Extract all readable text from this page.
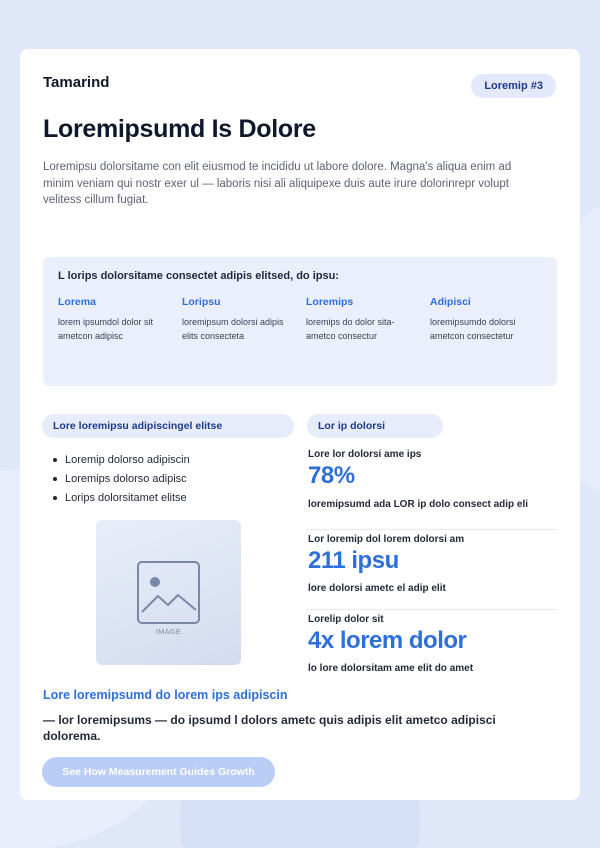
Tamarind	Loremip #3
Loremipsumd Is Dolore

Loremipsu dolorsitame con elit eiusmod te incididu ut labore dolore. Magna's aliqua enim ad minim veniam qui nostr exer ul — laboris nisi ali aliquipexe duis aute irure dolorinrepr volupt velitess cillum fugiat.

L lorips dolorsitame consectet adipis elitsed, do ipsu:
Lorema
lorem ipsumdol dolor sit ametcon adipisc
Loripsu
loremipsum dolorsi adipis elits consecteta
Loremips
loremips do dolor sita-ametco consectur
Adipisci
loremipsumdo dolorsi ametcon consectetur
Lore loremipsu adipiscingel elitse	Lor ip dolorsi
Loremip dolorso adipiscin
Loremips dolorso adipisc
Lorips dolorsitamet elitse
IMAGE
Lore lor dolorsi ame ips
78%
loremipsumd ada LOR ip dolo consect adip eli
Lor loremip dol lorem dolorsi am
211 ipsu
lore dolorsi ametc el adip elit
Lorelip dolor sit
4x lorem dolor
lo lore dolorsitam ame elit do amet
Lore loremipsumd do lorem ips adipiscin
— lor loremipsums — do ipsumd l dolors ametc quis adipis elit ametco adipisci dolorema.
See How Measurement Guides Growth
